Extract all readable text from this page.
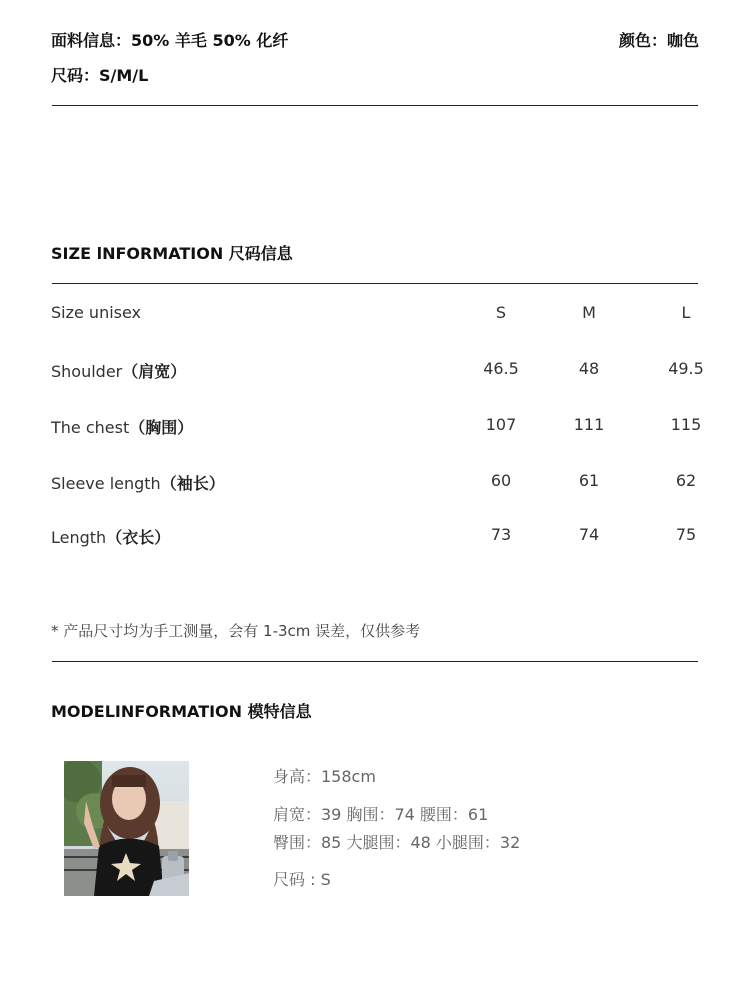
面料信息：50% 羊毛 50% 化纤	颜色：咖色
尺码：S/M/L
SIZE lNFORMATION 尺码信息
Size unisex	S	M	L
Shoulder（肩宽）	46.5	48	49.5
The chest（胸围）	107	111	115
Sleeve length（袖长）	60	61	62
Length（衣长）	73	74	75
* 产品尺寸均为手工测量，会有 1-3cm 误差，仅供参考
MODELINFORMATION 模特信息
身高：158cm
肩宽：39 胸围：74 腰围：61
臀围：85 大腿围：48 小腿围：32
尺码 : S
